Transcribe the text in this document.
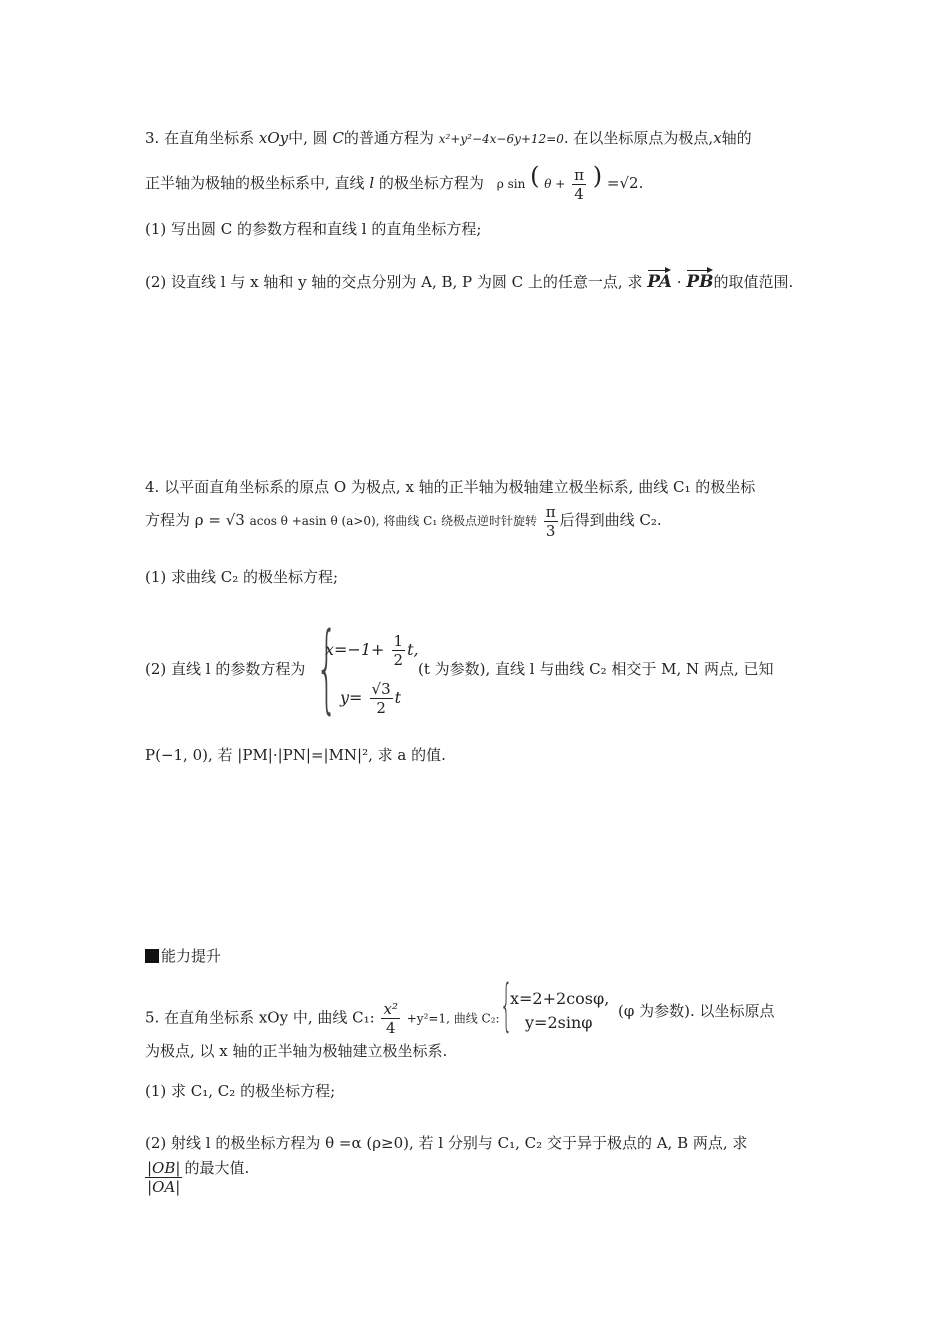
3. 在直角坐标系 xOy中, 圆 C的普通方程为 x²+y²−4x−6y+12=0. 在以坐标原点为极点,x轴的
正半轴为极轴的极坐标系中, 直线 l 的极坐标方程为 ρ sin ( $\theta + \frac{\pi}{4}$ ) =√2.
(1) 写出圆 C 的参数方程和直线 l 的直角坐标方程;
(2) 设直线 l 与 x 轴和 y 轴的交点分别为 A, B, P 为圆 C 上的任意一点, 求 PA · PB的取值范围.
4. 以平面直角坐标系的原点 O 为极点, x 轴的正半轴为极轴建立极坐标系, 曲线 C₁ 的极坐标
方程为 ρ = √3 acos θ +asin θ (a>0), 将曲线 C₁ 绕极点逆时针旋转 $\frac{\pi}{3}$ 后得到曲线 C₂.
(1) 求曲线 C₂ 的极坐标方程;
(2) 直线 l 的参数方程为 {
$x=-1+ \frac{1}{2} t$,
$y= \frac{√3}{2}$ t
(t 为参数), 直线 l 与曲线 C₂ 相交于 M, N 两点, 已知
P(−1, 0), 若 |PM|·|PN|=|MN|², 求 a 的值.
能力提升
5. 在直角坐标系 xOy 中, 曲线 C₁: $\frac{\text{x²}}{4} +y^2=1$, 曲线 C₂: {
x=2+2cosφ,
y=2sinφ
(φ 为参数). 以坐标原点
为极点, 以 x 轴的正半轴为极轴建立极坐标系.
(1) 求 C₁, C₂ 的极坐标方程;
(2) 射线 l 的极坐标方程为 θ =α (ρ≥0), 若 l 分别与 C₁, C₂ 交于异于极点的 A, B 两点, 求
$\frac{|OB|}{|OA|}$ 的最大值.
